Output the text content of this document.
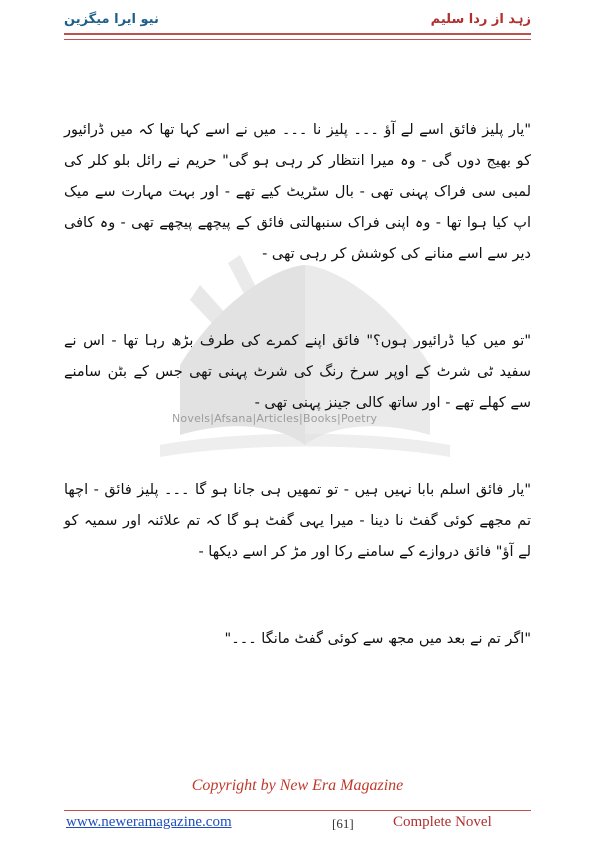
نیو ایرا میگزین	زہد از ردا سلیم
Novels|Afsana|Articles|Books|Poetry

"یار پلیز فائق اسے لے آؤ ۔۔۔ پلیز نا ۔۔۔ میں نے اسے کہا تھا کہ میں ڈرائیور کو بھیج دوں گی - وہ میرا انتظار کر رہی ہو گی" حریم نے رائل بلو کلر کی لمبی سی فراک پہنی تھی - بال سٹریٹ کیے تھے - اور بہت مہارت سے میک اپ کیا ہوا تھا - وہ اپنی فراک سنبھالتی فائق کے پیچھے پیچھے تھی - وہ کافی دیر سے اسے منانے کی کوشش کر رہی تھی -

"تو میں کیا ڈرائیور ہوں؟" فائق اپنے کمرے کی طرف بڑھ رہا تھا - اس نے سفید ٹی شرٹ کے اوپر سرخ رنگ کی شرٹ پہنی تھی جس کے بٹن سامنے سے کھلے تھے - اور ساتھ کالی جینز پہنی تھی -

"یار فائق اسلم بابا نہیں ہیں - تو تمھیں ہی جانا ہو گا ۔۔۔ پلیز فائق - اچھا تم مجھے کوئی گفٹ نا دینا - میرا یہی گفٹ ہو گا کہ تم علائنہ اور سمیہ کو لے آؤ" فائق دروازے کے سامنے رکا اور مڑ کر اسے دیکھا -

"اگر تم نے بعد میں مجھ سے کوئی گفٹ مانگا ۔۔۔"

Copyright by New Era Magazine
www.neweramagazine.com	[61]	Complete Novel
